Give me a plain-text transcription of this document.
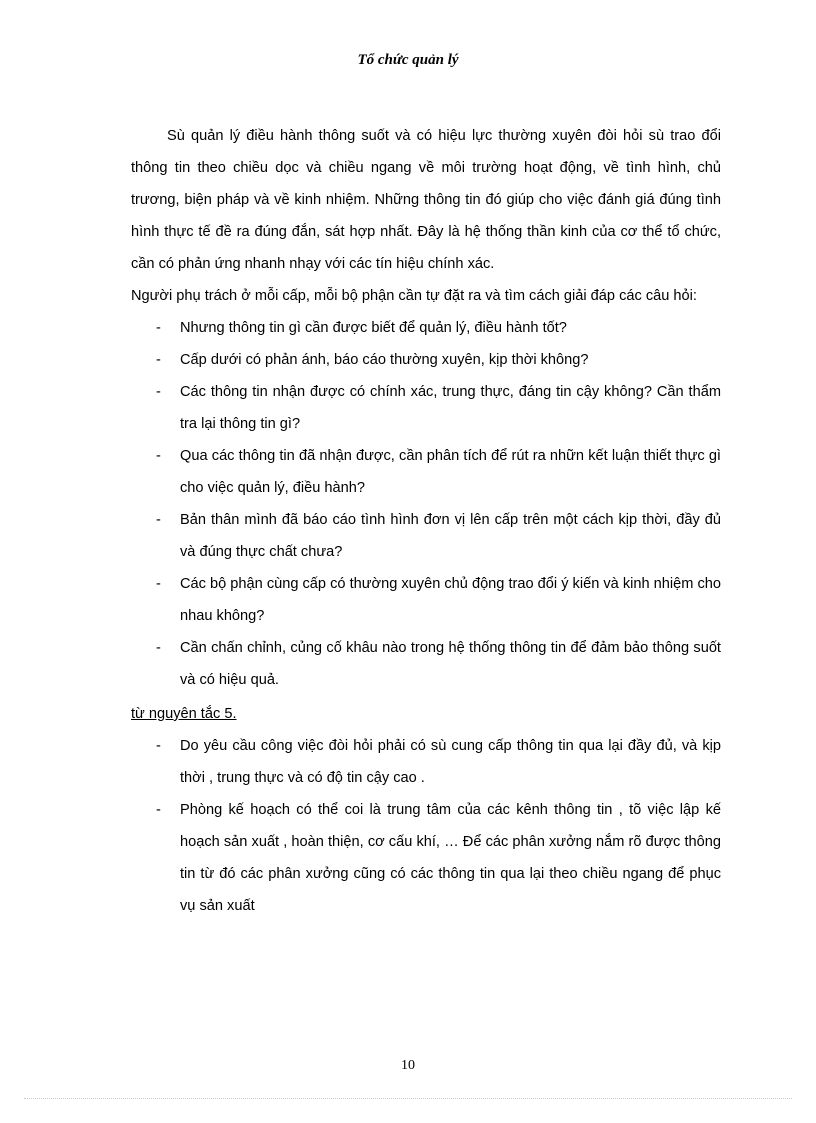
Tổ chức quản lý

Sù quản lý điều hành thông suốt và có hiệu lực thường xuyên đòi hỏi sù trao đổi thông tin theo chiều dọc và chiều ngang về môi trường hoạt động, về tình hình, chủ trương, biện pháp và về kinh nhiệm. Những thông tin đó giúp cho việc đánh giá đúng tình hình thực tế đề ra đúng đắn, sát hợp nhất. Đây là hệ thống thần kinh của cơ thể tổ chức, cần có phản ứng nhanh nhạy với các tín hiệu chính xác.

Người phụ trách ở mỗi cấp, mỗi bộ phận cần tự đặt ra và tìm cách giải đáp các câu hỏi:

- Nhưng thông tin gì cần được biết để quản lý, điều hành tốt?
- Cấp dưới có phản ánh, báo cáo thường xuyên, kịp thời không?
- Các thông tin nhận được có chính xác, trung thực, đáng tin cậy không? Cần thẩm tra lại thông tin gì?
- Qua các thông tin đã nhận được, cần phân tích để rút ra nhữn kết luận thiết thực gì cho việc quản lý, điều hành?
- Bản thân mình đã báo cáo tình hình đơn vị lên cấp trên một cách kịp thời, đầy đủ và đúng thực chất chưa?
- Các bộ phận cùng cấp có thường xuyên chủ động trao đổi ý kiến và kinh nhiệm cho nhau không?
- Cần chấn chỉnh, củng cố khâu nào trong hệ thống thông tin để đảm bảo thông suốt và có hiệu quả.

từ nguyên tắc 5.

- Do yêu cầu công việc đòi hỏi phải có sù cung cấp thông tin qua lại đầy đủ, và kịp thời , trung thực và có độ tin cậy cao .
- Phòng kế hoạch có thể coi là trung tâm của các kênh thông tin , tõ việc lập kế hoạch sản xuất , hoàn thiện, cơ cấu khí, … Để các phân xưởng nắm rõ được thông tin từ đó các phân xưởng cũng có các thông tin qua lại theo chiều ngang để phục vụ sản xuất
10
